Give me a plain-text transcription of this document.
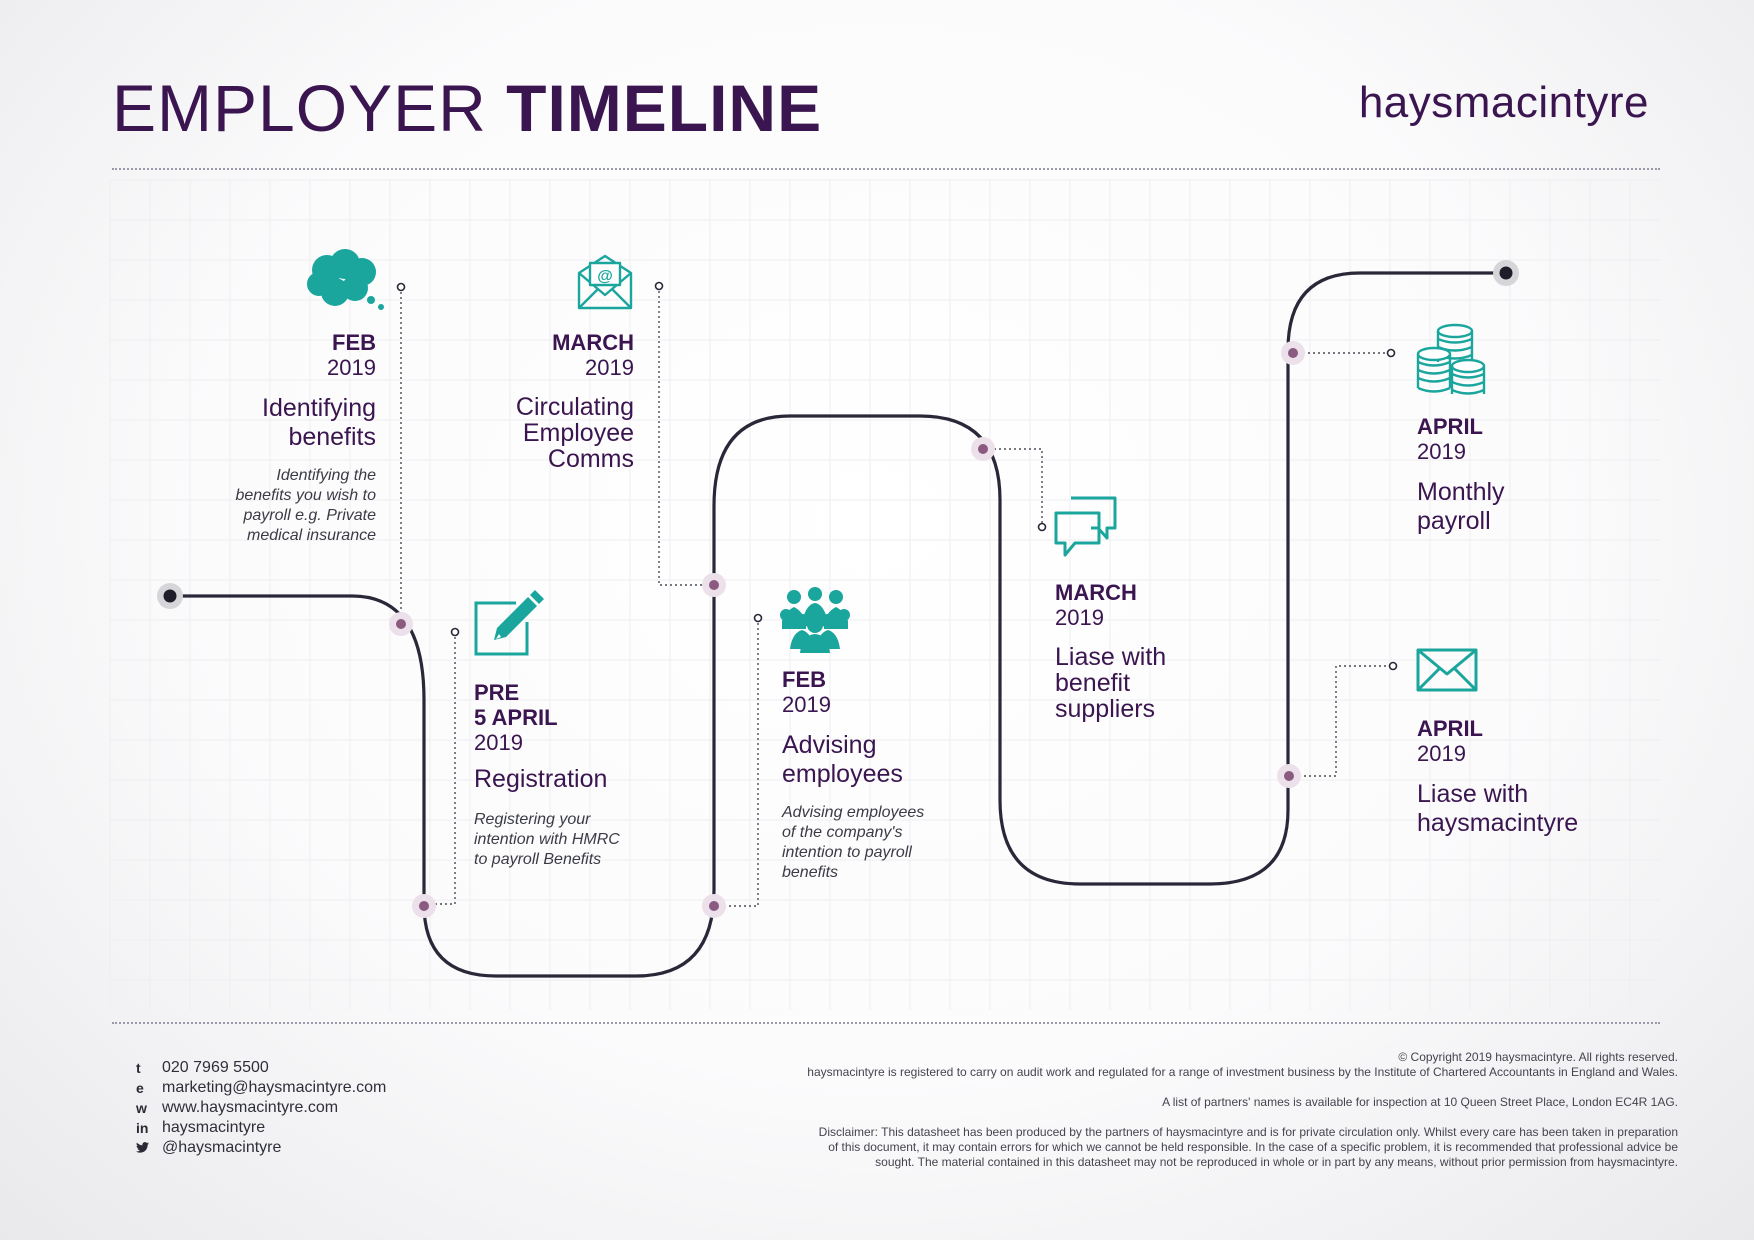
EMPLOYER TIMELINE	haysmacintyre
@
FEB
2019
Identifying
benefits
Identifying the
benefits you wish to
payroll e.g. Private
medical insurance
PRE
5 APRIL
2019
Registration
Registering your
intention with HMRC
to payroll Benefits
MARCH
2019
Circulating
Employee
Comms
FEB
2019
Advising
employees
Advising employees
of the company's
intention to payroll
benefits
MARCH
2019
Liase with
benefit
suppliers
APRIL
2019
Monthly
payroll
APRIL
2019
Liase with
haysmacintyre
t	020 7969 5500
e	marketing@haysmacintyre.com
w www.haysmacintyre.com
in haysmacintyre
@haysmacintyre

© Copyright 2019 haysmacintyre. All rights reserved.
haysmacintyre is registered to carry on audit work and regulated for a range of investment business by the Institute of Chartered Accountants in England and Wales.

A list of partners' names is available for inspection at 10 Queen Street Place, London EC4R 1AG.

Disclaimer: This datasheet has been produced by the partners of haysmacintyre and is for private circulation only. Whilst every care has been taken in preparation
of this document, it may contain errors for which we cannot be held responsible. In the case of a specific problem, it is recommended that professional advice be
sought. The material contained in this datasheet may not be reproduced in whole or in part by any means, without prior permission from haysmacintyre.
